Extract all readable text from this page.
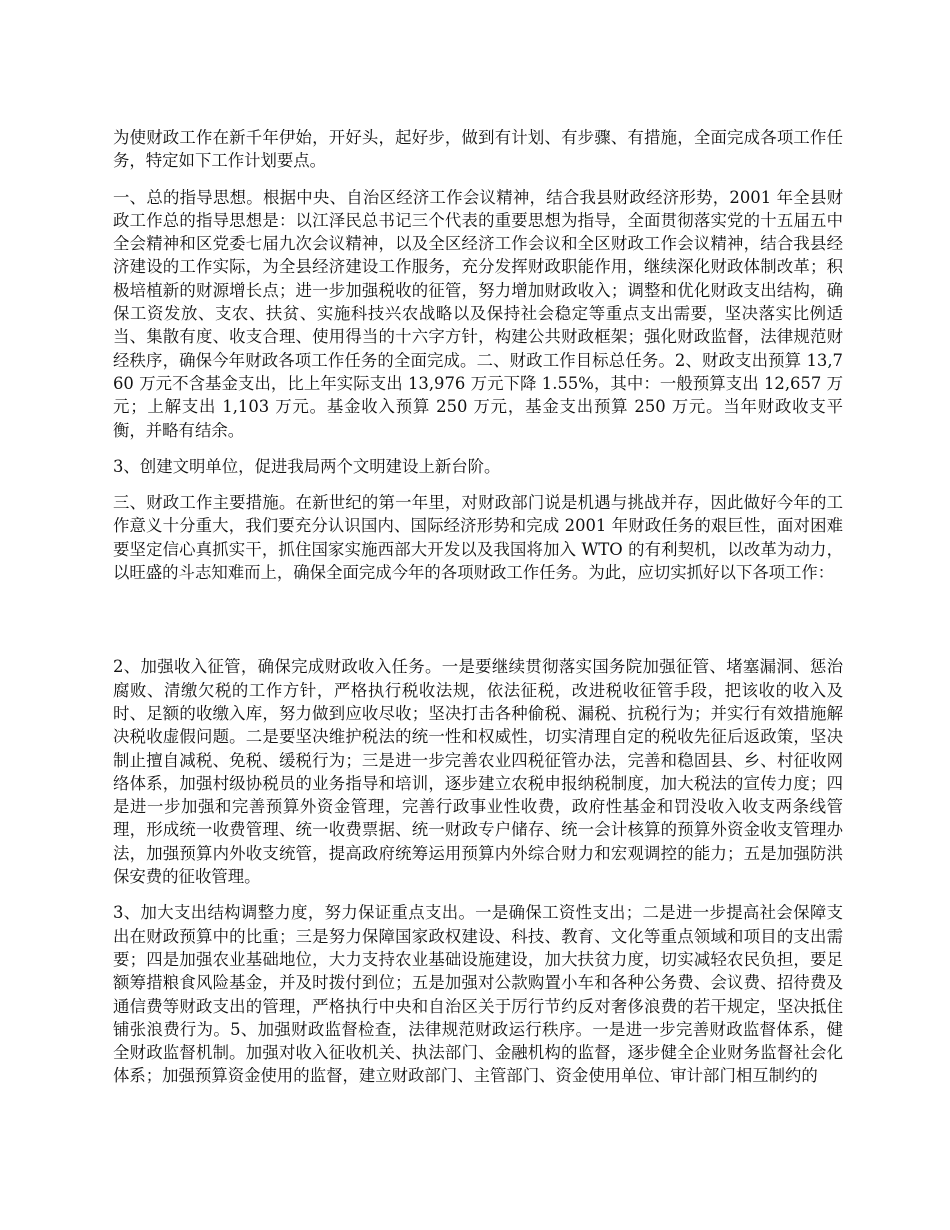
为使财政工作在新千年伊始，开好头，起好步，做到有计划、有步骤、有措施，全面完成各项工作任务，特定如下工作计划要点。

一、总的指导思想。根据中央、自治区经济工作会议精神，结合我县财政经济形势，2001 年全县财政工作总的指导思想是：以江泽民总书记三个代表的重要思想为指导，全面贯彻落实党的十五届五中全会精神和区党委七届九次会议精神，以及全区经济工作会议和全区财政工作会议精神，结合我县经济建设的工作实际，为全县经济建设工作服务，充分发挥财政职能作用，继续深化财政体制改革；积极培植新的财源增长点；进一步加强税收的征管，努力增加财政收入；调整和优化财政支出结构，确保工资发放、支农、扶贫、实施科技兴农战略以及保持社会稳定等重点支出需要，坚决落实比例适当、集散有度、收支合理、使用得当的十六字方针，构建公共财政框架；强化财政监督，法律规范财经秩序，确保今年财政各项工作任务的全面完成。二、财政工作目标总任务。2、财政支出预算 13,760 万元不含基金支出，比上年实际支出 13,976 万元下降 1.55%，其中：一般预算支出 12,657 万元；上解支出 1,103 万元。基金收入预算 250 万元，基金支出预算 250 万元。当年财政收支平衡，并略有结余。

3、创建文明单位，促进我局两个文明建设上新台阶。

三、财政工作主要措施。在新世纪的第一年里，对财政部门说是机遇与挑战并存，因此做好今年的工作意义十分重大，我们要充分认识国内、国际经济形势和完成 2001 年财政任务的艰巨性，面对困难要坚定信心真抓实干，抓住国家实施西部大开发以及我国将加入 WTO 的有利契机，以改革为动力，以旺盛的斗志知难而上，确保全面完成今年的各项财政工作任务。为此，应切实抓好以下各项工作：

2、加强收入征管，确保完成财政收入任务。一是要继续贯彻落实国务院加强征管、堵塞漏洞、惩治腐败、清缴欠税的工作方针，严格执行税收法规，依法征税，改进税收征管手段，把该收的收入及时、足额的收缴入库，努力做到应收尽收；坚决打击各种偷税、漏税、抗税行为；并实行有效措施解决税收虚假问题。二是要坚决维护税法的统一性和权威性，切实清理自定的税收先征后返政策，坚决制止擅自减税、免税、缓税行为；三是进一步完善农业四税征管办法，完善和稳固县、乡、村征收网络体系，加强村级协税员的业务指导和培训，逐步建立农税申报纳税制度，加大税法的宣传力度；四是进一步加强和完善预算外资金管理，完善行政事业性收费，政府性基金和罚没收入收支两条线管理，形成统一收费管理、统一收费票据、统一财政专户储存、统一会计核算的预算外资金收支管理办法，加强预算内外收支统管，提高政府统筹运用预算内外综合财力和宏观调控的能力；五是加强防洪保安费的征收管理。

3、加大支出结构调整力度，努力保证重点支出。一是确保工资性支出；二是进一步提高社会保障支出在财政预算中的比重；三是努力保障国家政权建设、科技、教育、文化等重点领域和项目的支出需要；四是加强农业基础地位，大力支持农业基础设施建设，加大扶贫力度，切实减轻农民负担，要足额筹措粮食风险基金，并及时拨付到位；五是加强对公款购置小车和各种公务费、会议费、招待费及通信费等财政支出的管理，严格执行中央和自治区关于厉行节约反对奢侈浪费的若干规定，坚决抵住铺张浪费行为。5、加强财政监督检查，法律规范财政运行秩序。一是进一步完善财政监督体系，健全财政监督机制。加强对收入征收机关、执法部门、金融机构的监督，逐步健全企业财务监督社会化体系；加强预算资金使用的监督，建立财政部门、主管部门、资金使用单位、审计部门相互制约的
